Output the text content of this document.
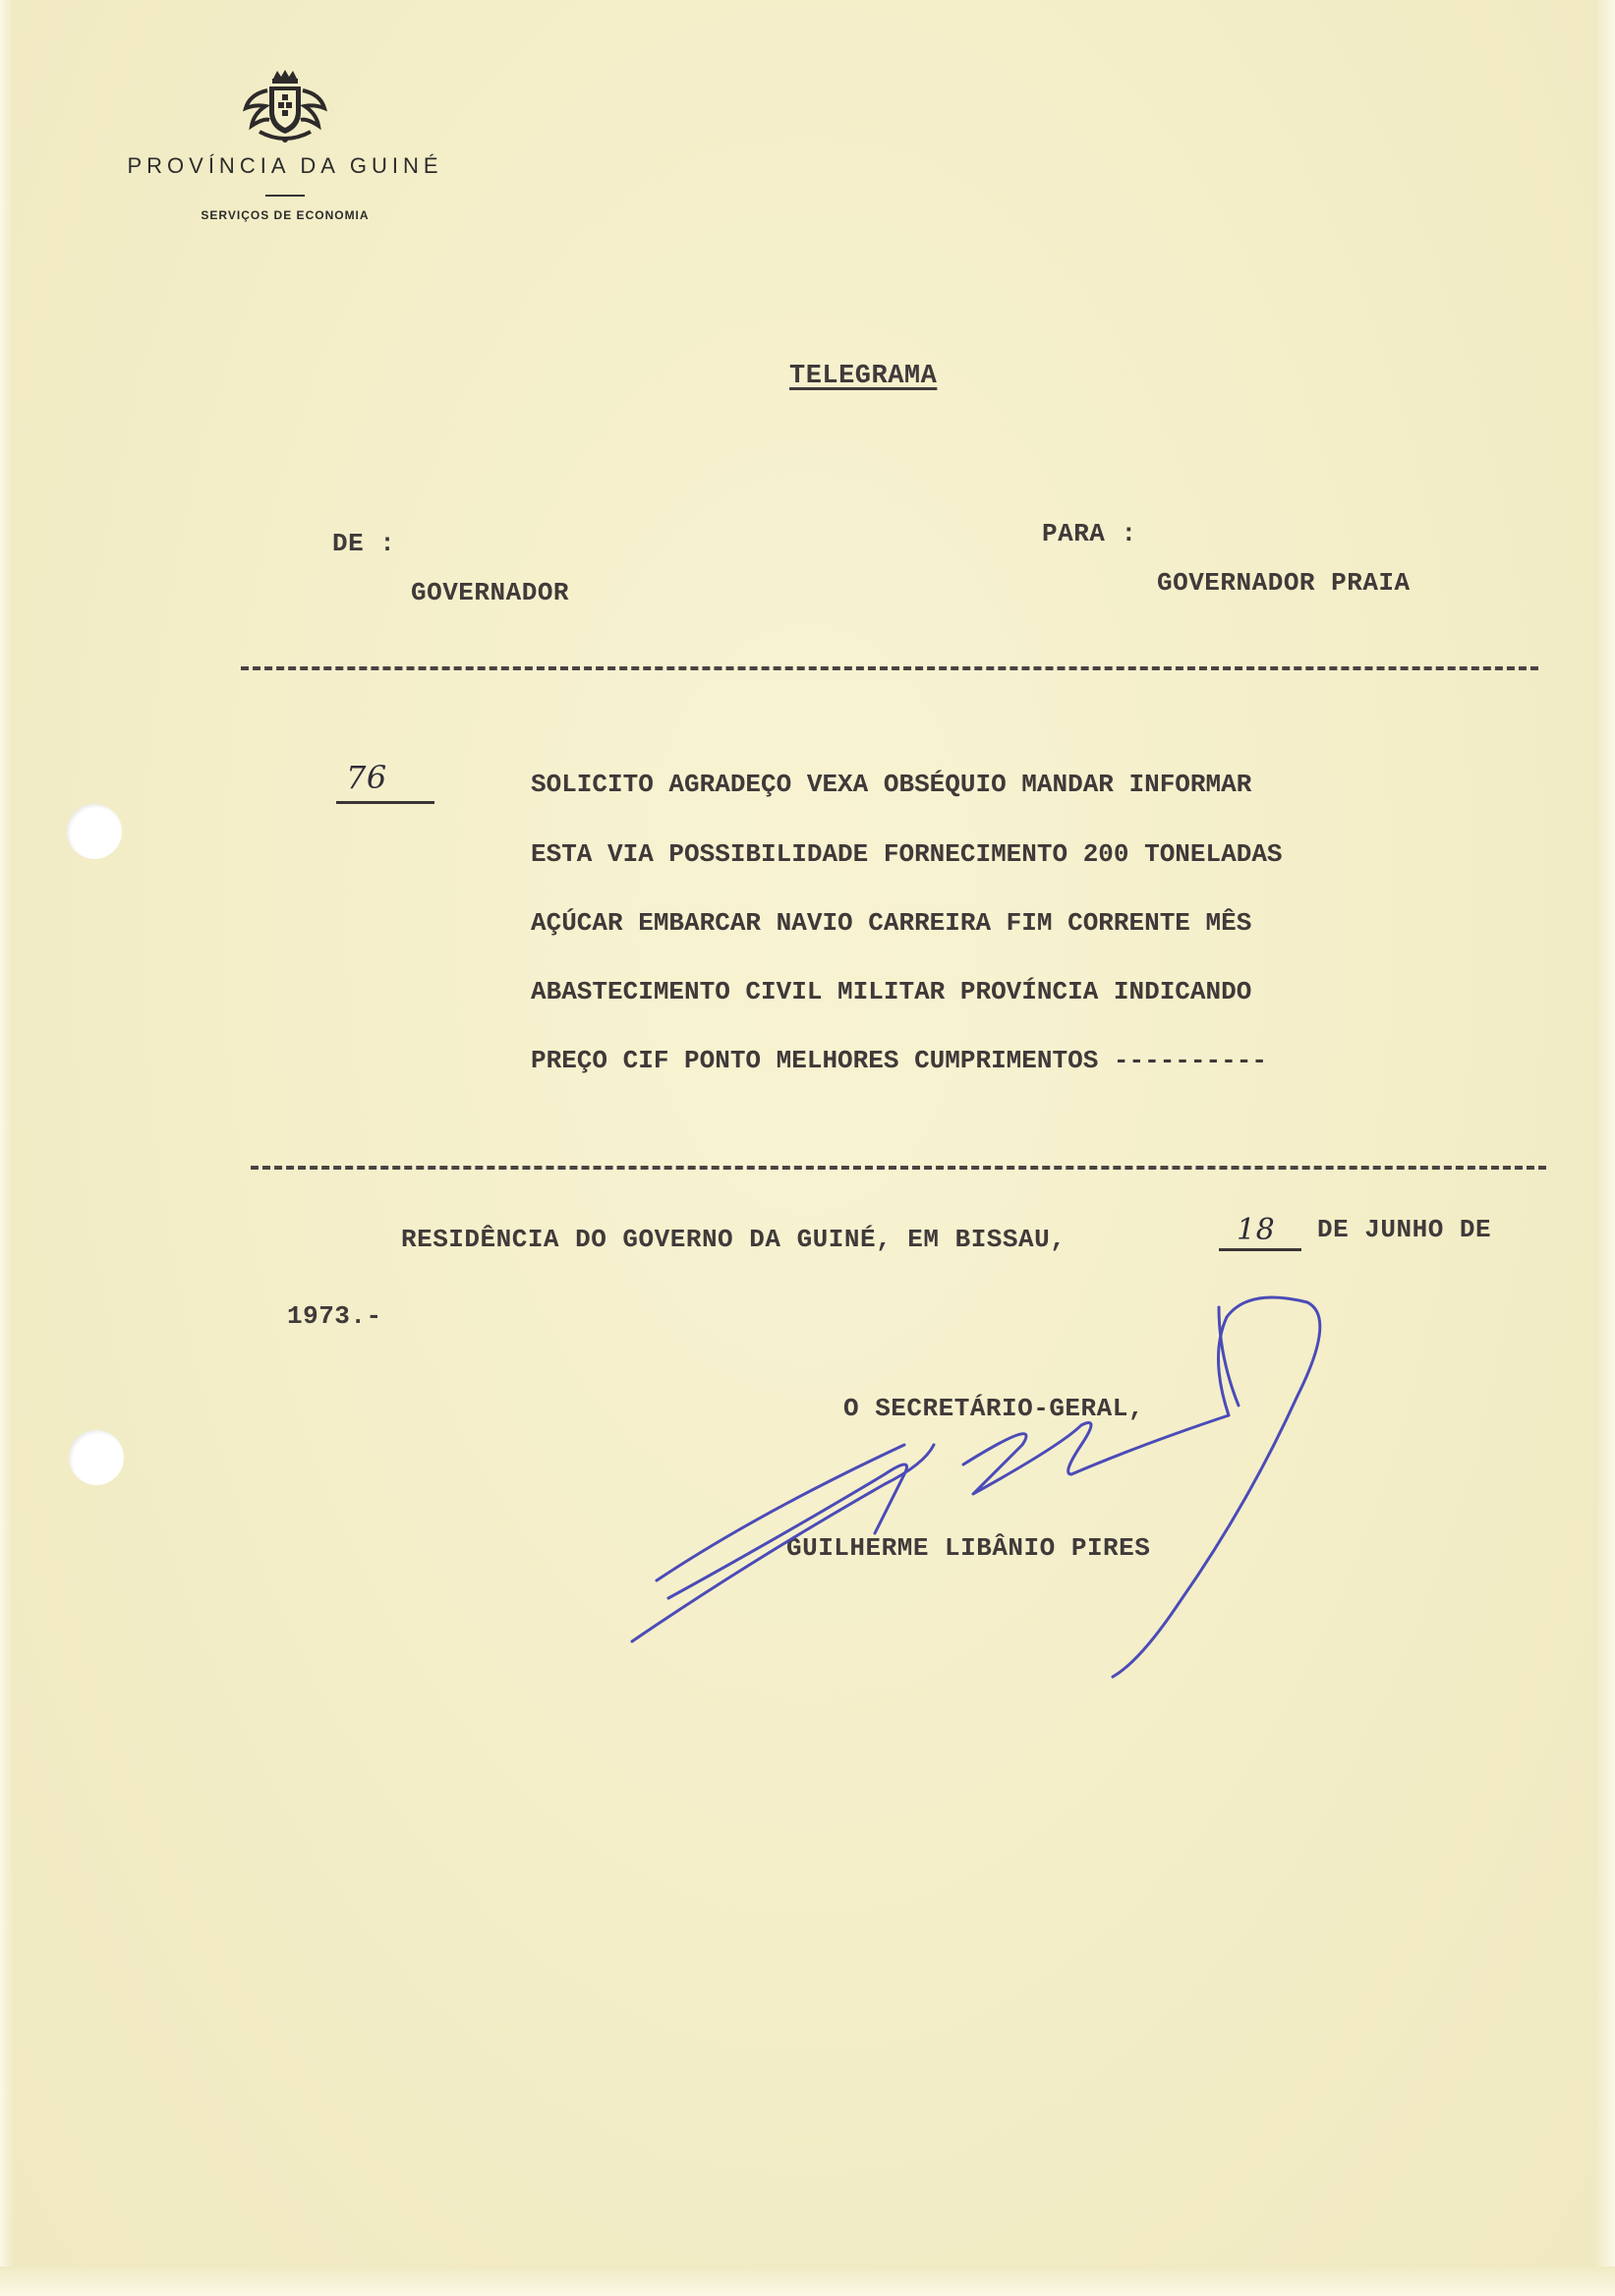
PROVÍNCIA DA GUINÉ
SERVIÇOS DE ECONOMIA
TELEGRAMA
DE :
GOVERNADOR
PARA :
GOVERNADOR PRAIA
76	SOLICITO AGRADEÇO VEXA OBSÉQUIO MANDAR INFORMAR
ESTA VIA POSSIBILIDADE FORNECIMENTO 200 TONELADAS
AÇÚCAR EMBARCAR NAVIO CARREIRA FIM CORRENTE MÊS
ABASTECIMENTO CIVIL MILITAR PROVÍNCIA INDICANDO
PREÇO CIF PONTO MELHORES CUMPRIMENTOS ----------
RESIDÊNCIA DO GOVERNO DA GUINÉ, EM BISSAU,	18 DE JUNHO DE
1973.-
O SECRETÁRIO-GERAL,
GUILHERME LIBÂNIO PIRES
